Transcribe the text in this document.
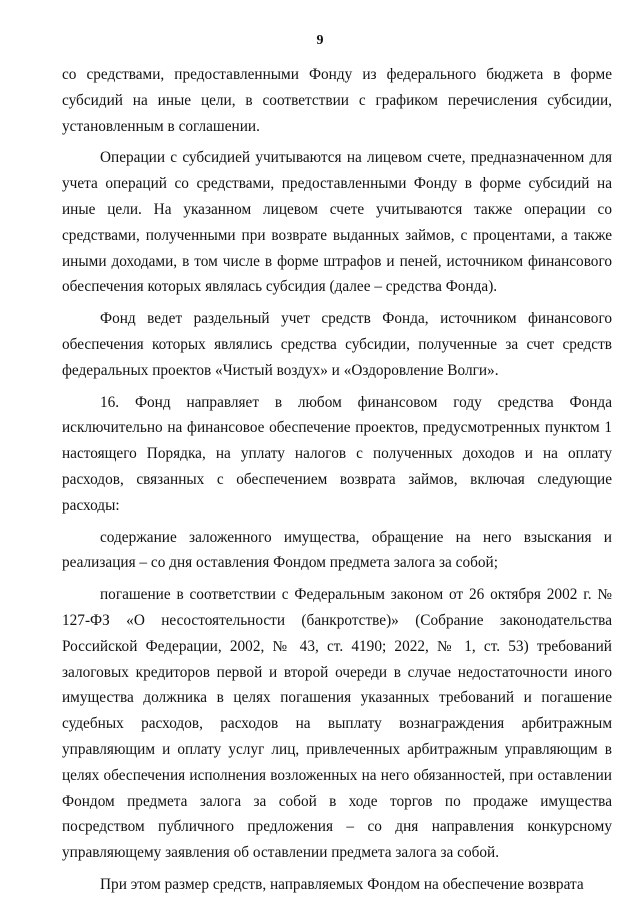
9

со средствами, предоставленными Фонду из федерального бюджета в форме субсидий на иные цели, в соответствии с графиком перечисления субсидии, установленным в соглашении.

Операции с субсидией учитываются на лицевом счете, предназначенном для учета операций со средствами, предоставленными Фонду в форме субсидий на иные цели. На указанном лицевом счете учитываются также операции со средствами, полученными при возврате выданных займов, с процентами, а также иными доходами, в том числе в форме штрафов и пеней, источником финансового обеспечения которых являлась субсидия (далее – средства Фонда).

Фонд ведет раздельный учет средств Фонда, источником финансового обеспечения которых являлись средства субсидии, полученные за счет средств федеральных проектов «Чистый воздух» и «Оздоровление Волги».

16. Фонд направляет в любом финансовом году средства Фонда исключительно на финансовое обеспечение проектов, предусмотренных пунктом 1 настоящего Порядка, на уплату налогов с полученных доходов и на оплату расходов, связанных с обеспечением возврата займов, включая следующие расходы:

содержание заложенного имущества, обращение на него взыскания и реализация – со дня оставления Фондом предмета залога за собой;

погашение в соответствии с Федеральным законом от 26 октября 2002 г. № 127-ФЗ «О несостоятельности (банкротстве)» (Собрание законодательства Российской Федерации, 2002, № 43, ст. 4190; 2022, № 1, ст. 53) требований залоговых кредиторов первой и второй очереди в случае недостаточности иного имущества должника в целях погашения указанных требований и погашение судебных расходов, расходов на выплату вознаграждения арбитражным управляющим и оплату услуг лиц, привлеченных арбитражным управляющим в целях обеспечения исполнения возложенных на него обязанностей, при оставлении Фондом предмета залога за собой в ходе торгов по продаже имущества посредством публичного предложения – со дня направления конкурсному управляющему заявления об оставлении предмета залога за собой.

При этом размер средств, направляемых Фондом на обеспечение возврата
